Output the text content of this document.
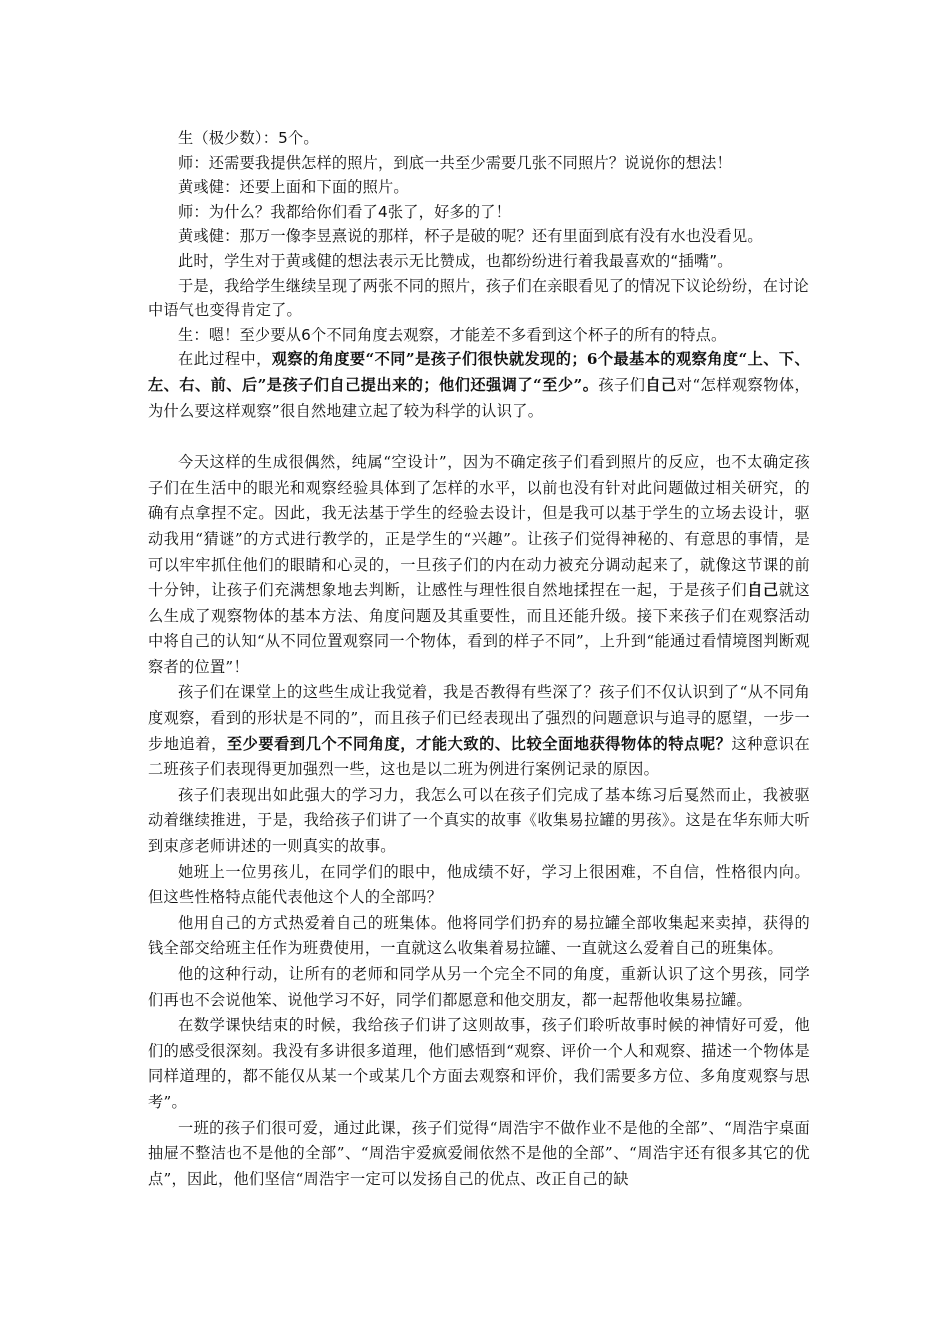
生（极少数）：5个。

师：还需要我提供怎样的照片，到底一共至少需要几张不同照片？说说你的想法！

黄彧健：还要上面和下面的照片。

师：为什么？我都给你们看了4张了，好多的了！

黄彧健：那万一像李昱熹说的那样，杯子是破的呢？还有里面到底有没有水也没看见。

此时，学生对于黄彧健的想法表示无比赞成，也都纷纷进行着我最喜欢的“插嘴”。

于是，我给学生继续呈现了两张不同的照片，孩子们在亲眼看见了的情况下议论纷纷，在讨论中语气也变得肯定了。

生：嗯！至少要从6个不同角度去观察，才能差不多看到这个杯子的所有的特点。

在此过程中，观察的角度要“不同”是孩子们很快就发现的；6个最基本的观察角度“上、下、左、右、前、后”是孩子们自己提出来的；他们还强调了“至少”。孩子们自己对“怎样观察物体，为什么要这样观察”很自然地建立起了较为科学的认识了。

今天这样的生成很偶然，纯属“空设计”，因为不确定孩子们看到照片的反应，也不太确定孩子们在生活中的眼光和观察经验具体到了怎样的水平，以前也没有针对此问题做过相关研究，的确有点拿捏不定。因此，我无法基于学生的经验去设计，但是我可以基于学生的立场去设计，驱动我用“猜谜”的方式进行教学的，正是学生的“兴趣”。让孩子们觉得神秘的、有意思的事情，是可以牢牢抓住他们的眼睛和心灵的，一旦孩子们的内在动力被充分调动起来了，就像这节课的前十分钟，让孩子们充满想象地去判断，让感性与理性很自然地揉捏在一起，于是孩子们自己就这么生成了观察物体的基本方法、角度问题及其重要性，而且还能升级。接下来孩子们在观察活动中将自己的认知“从不同位置观察同一个物体，看到的样子不同”，上升到“能通过看情境图判断观察者的位置”！

孩子们在课堂上的这些生成让我觉着，我是否教得有些深了？孩子们不仅认识到了“从不同角度观察，看到的形状是不同的”，而且孩子们已经表现出了强烈的问题意识与追寻的愿望，一步一步地追着，至少要看到几个不同角度，才能大致的、比较全面地获得物体的特点呢？这种意识在二班孩子们表现得更加强烈一些，这也是以二班为例进行案例记录的原因。

孩子们表现出如此强大的学习力，我怎么可以在孩子们完成了基本练习后戛然而止，我被驱动着继续推进，于是，我给孩子们讲了一个真实的故事《收集易拉罐的男孩》。这是在华东师大听到束彦老师讲述的一则真实的故事。

她班上一位男孩儿，在同学们的眼中，他成绩不好，学习上很困难，不自信，性格很内向。但这些性格特点能代表他这个人的全部吗？

他用自己的方式热爱着自己的班集体。他将同学们扔弃的易拉罐全部收集起来卖掉，获得的钱全部交给班主任作为班费使用，一直就这么收集着易拉罐、一直就这么爱着自己的班集体。

他的这种行动，让所有的老师和同学从另一个完全不同的角度，重新认识了这个男孩，同学们再也不会说他笨、说他学习不好，同学们都愿意和他交朋友，都一起帮他收集易拉罐。

在数学课快结束的时候，我给孩子们讲了这则故事，孩子们聆听故事时候的神情好可爱，他们的感受很深刻。我没有多讲很多道理，他们感悟到“观察、评价一个人和观察、描述一个物体是同样道理的，都不能仅从某一个或某几个方面去观察和评价，我们需要多方位、多角度观察与思考”。

一班的孩子们很可爱，通过此课，孩子们觉得“周浩宇不做作业不是他的全部”、“周浩宇桌面抽屉不整洁也不是他的全部”、“周浩宇爱疯爱闹依然不是他的全部”、“周浩宇还有很多其它的优点”，因此，他们坚信“周浩宇一定可以发扬自己的优点、改正自己的缺
